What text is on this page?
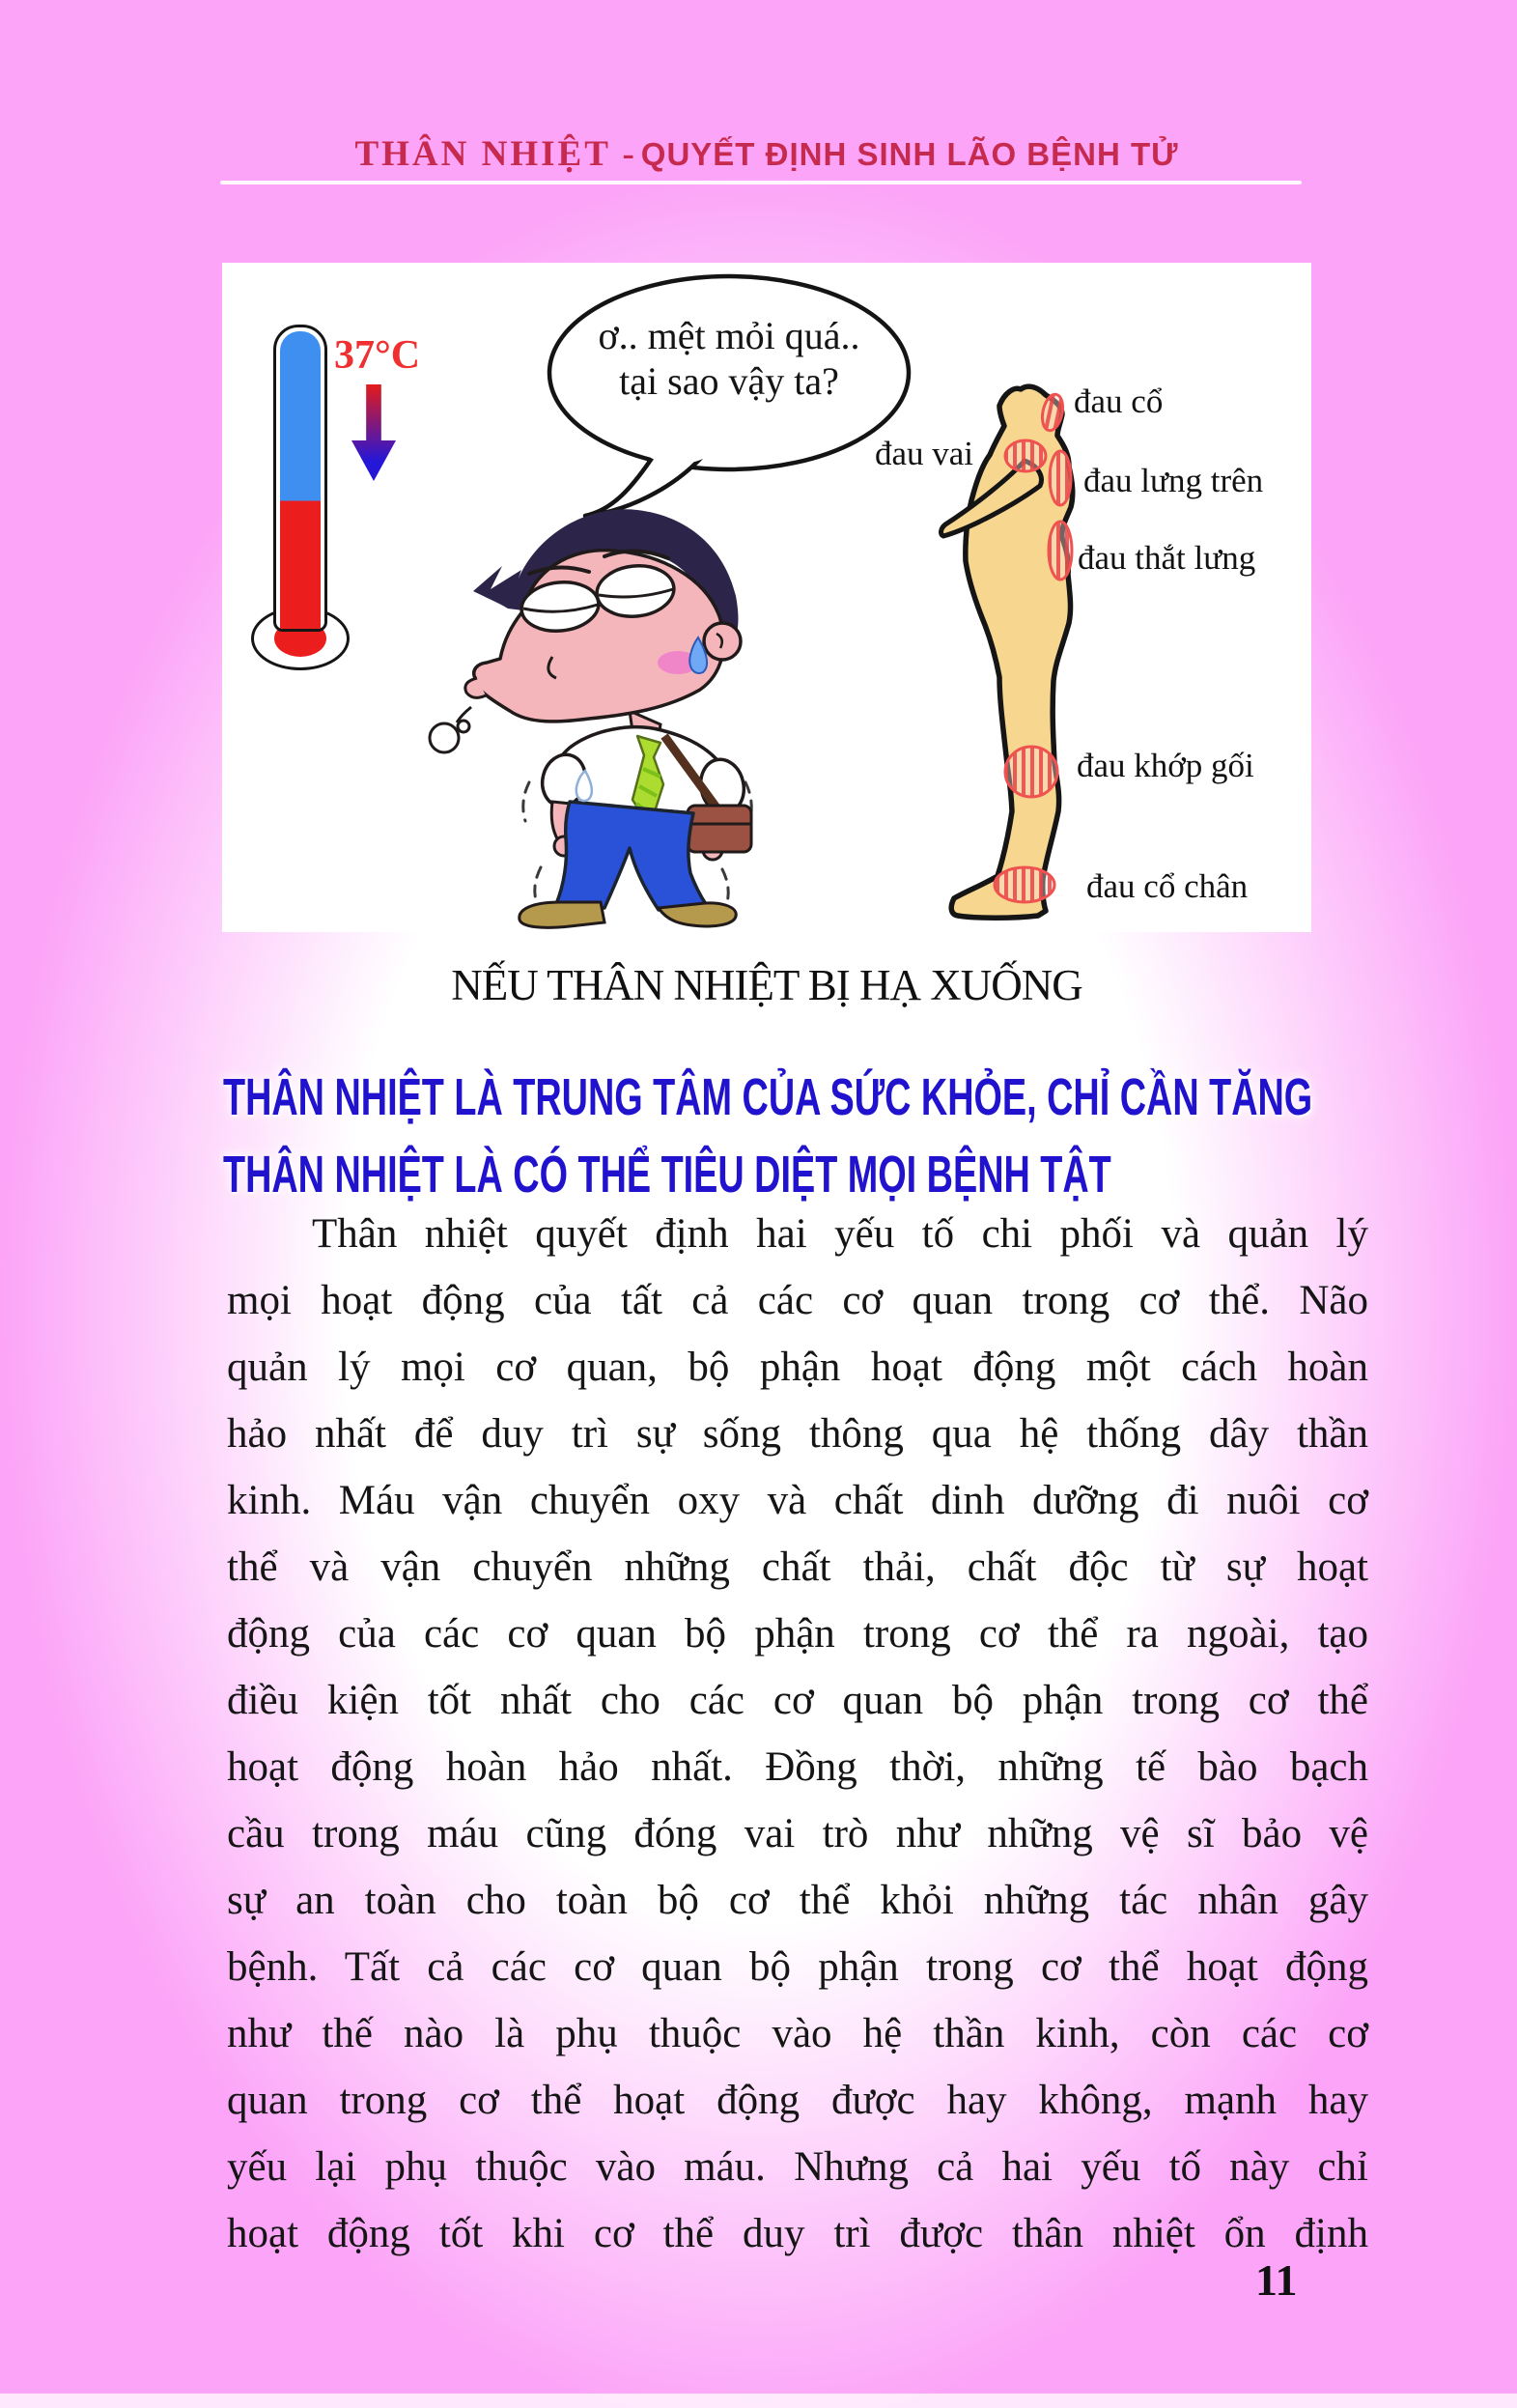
THÂN NHIỆT - QUYẾT ĐỊNH SINH LÃO BỆNH TỬ
37°C	ơ.. mệt mỏi quá..
tại sao vậy ta?
đau vai
đau cổ
đau lưng trên
đau thắt lưng
đau khớp gối
đau cổ chân
NẾU THÂN NHIỆT BỊ HẠ XUỐNG
THÂN NHIỆT LÀ TRUNG TÂM CỦA SỨC KHỎE, CHỈ CẦN TĂNG
THÂN NHIỆT LÀ CÓ THỂ TIÊU DIỆT MỌI BỆNH TẬT
Thân nhiệt quyết định hai yếu tố chi phối và quản lý
mọi hoạt động của tất cả các cơ quan trong cơ thể. Não
quản lý mọi cơ quan, bộ phận hoạt động một cách hoàn
hảo nhất để duy trì sự sống thông qua hệ thống dây thần
kinh. Máu vận chuyển oxy và chất dinh dưỡng đi nuôi cơ
thể và vận chuyển những chất thải, chất độc từ sự hoạt
động của các cơ quan bộ phận trong cơ thể ra ngoài, tạo
điều kiện tốt nhất cho các cơ quan bộ phận trong cơ thể
hoạt động hoàn hảo nhất. Đồng thời, những tế bào bạch
cầu trong máu cũng đóng vai trò như những vệ sĩ bảo vệ
sự an toàn cho toàn bộ cơ thể khỏi những tác nhân gây
bệnh. Tất cả các cơ quan bộ phận trong cơ thể hoạt động
như thế nào là phụ thuộc vào hệ thần kinh, còn các cơ
quan trong cơ thể hoạt động được hay không, mạnh hay
yếu lại phụ thuộc vào máu. Nhưng cả hai yếu tố này chỉ
hoạt động tốt khi cơ thể duy trì được thân nhiệt ổn định
11
